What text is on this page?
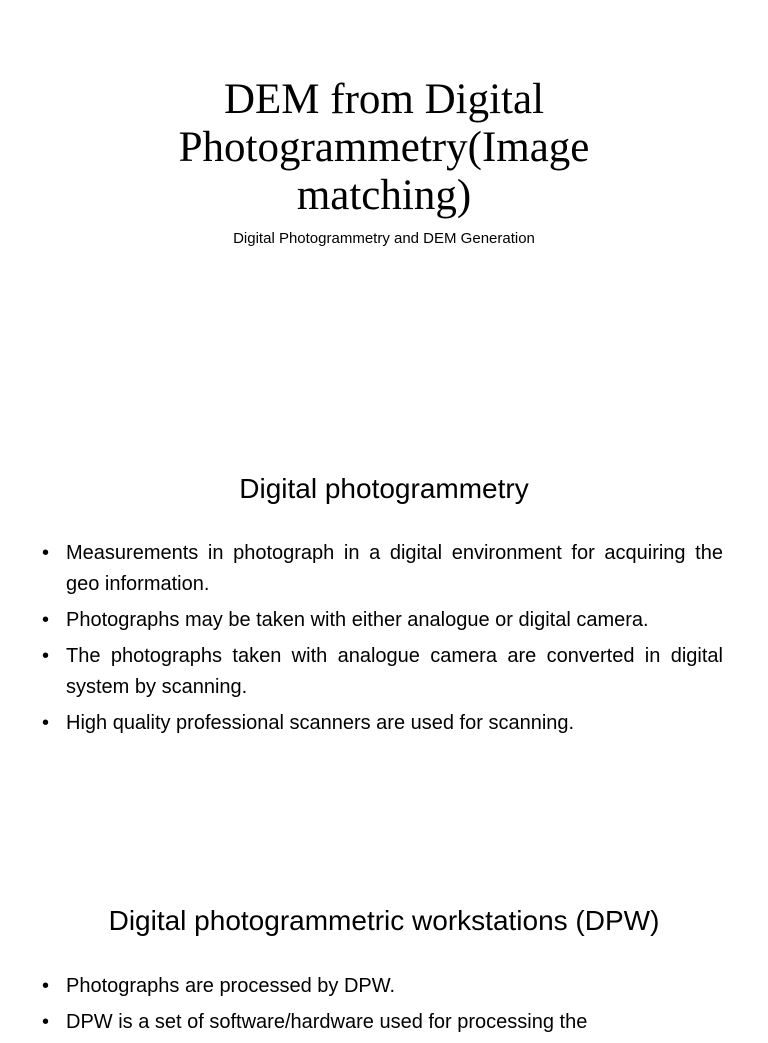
DEM from Digital
Photogrammetry(Image
matching)
Digital Photogrammetry and DEM Generation
Digital photogrammetry
• Measurements in photograph in a digital environment for acquiring the geo information.
• Photographs may be taken with either analogue or digital camera.
• The photographs taken with analogue camera are converted in digital system by scanning.
• High quality professional scanners are used for scanning.
Digital photogrammetric workstations (DPW)
• Photographs are processed by DPW.
• DPW is a set of software/hardware used for processing the
